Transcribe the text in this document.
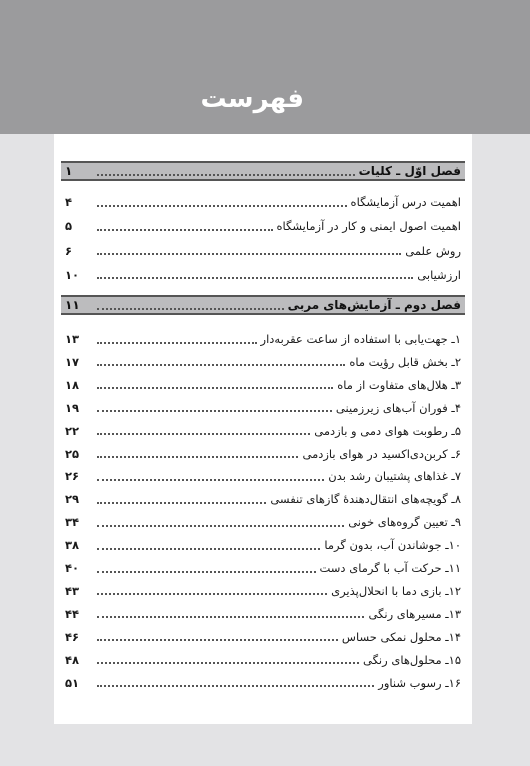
فهرست
فصل اوّل ـ کلیات
۱
اهمیت درس آزمایشگاه
۴
اهمیت اصول ایمنی و کار در آزمایشگاه
۵
روش علمی
۶
ارزشیابی
۱۰
فصل دوم ـ آزمایش‌های مربی
۱۱
۱ـ جهت‌یابی با استفاده از ساعت عقربه‌دار
۱۳
۲ـ بخش قابل رؤیت ماه
۱۷
۳ـ هلال‌های متفاوت از ماه
۱۸
۴ـ فوران آب‌های زیرزمینی
۱۹
۵ـ رطوبت هوای دمی و بازدمی
۲۲
۶ـ کربن‌دی‌اکسید در هوای بازدمی
۲۵
۷ـ غذاهای پشتیبان رشد بدن
۲۶
۸ـ گویچه‌های انتقال‌دهندهٔ گازهای تنفسی
۲۹
۹ـ تعیین گروه‌های خونی
۳۴
۱۰ـ جوشاندن آب، بدون گرما
۳۸
۱۱ـ حرکت آب با گرمای دست
۴۰
۱۲ـ بازی دما با انحلال‌پذیری
۴۳
۱۳ـ مسیرهای رنگی
۴۴
۱۴ـ محلول نمکی حساس
۴۶
۱۵ـ محلول‌های رنگی
۴۸
۱۶ـ رسوب شناور
۵۱
